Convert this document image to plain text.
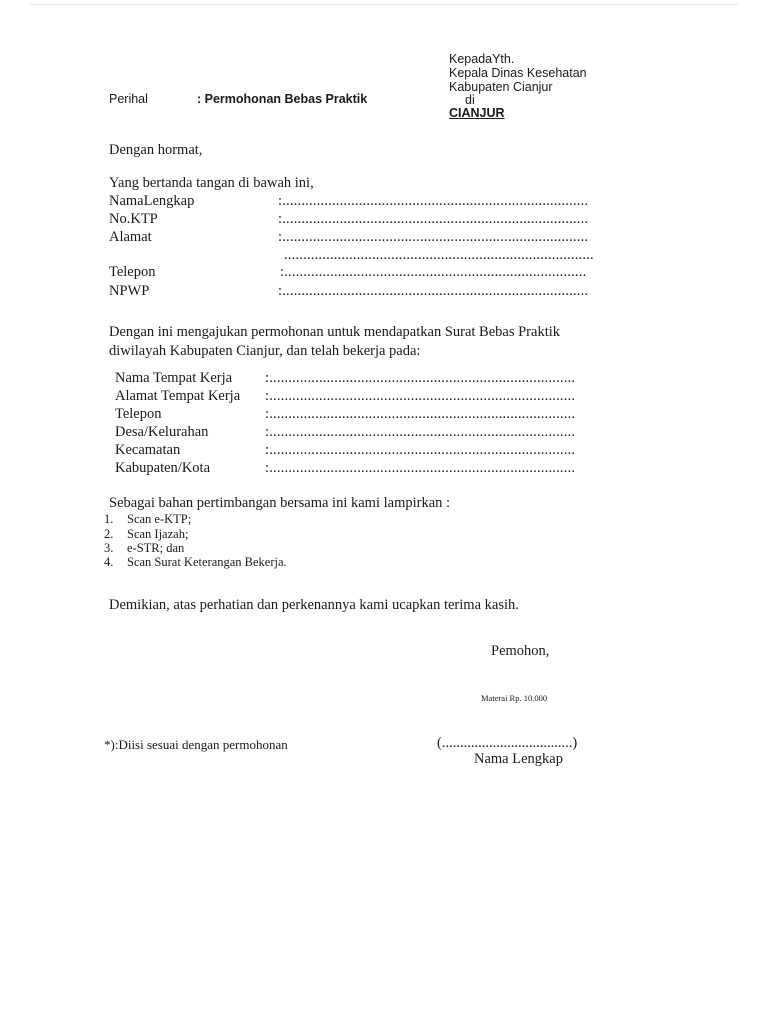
KepadaYth.
Kepala Dinas Kesehatan
Kabupaten Cianjur
di
CIANJUR
Perihal	: Permohonan Bebas Praktik
Dengan hormat,
Yang bertanda tangan di bawah ini,
NamaLengkap	:................................................................................
No.KTP	:................................................................................
Alamat	:................................................................................
.................................................................................
Telepon	:...............................................................................
NPWP	:................................................................................
Dengan ini mengajukan permohonan untuk mendapatkan Surat Bebas Praktik
diwilayah Kabupaten Cianjur, dan telah bekerja pada:
Nama Tempat Kerja :................................................................................
Alamat Tempat Kerja :................................................................................
Telepon	:................................................................................
Desa/Kelurahan	:................................................................................
Kecamatan	:................................................................................
Kabupaten/Kota	:................................................................................
Sebagai bahan pertimbangan bersama ini kami lampirkan :
1. Scan e-KTP;
2. Scan Ijazah;
3. e-STR; dan
4. Scan Surat Keterangan Bekerja.
Demikian, atas perhatian dan perkenannya kami ucapkan terima kasih.
Pemohon,
Materai Rp. 10.000
*):Diisi sesuai dengan permohonan	(....................................)
Nama Lengkap
